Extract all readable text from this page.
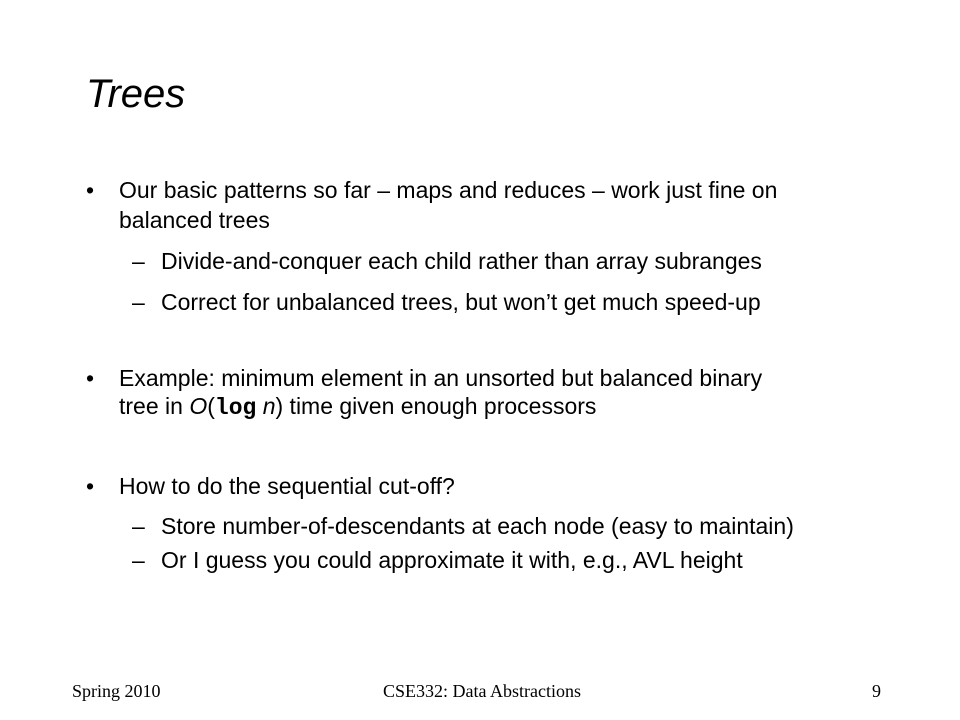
Trees
• Our basic patterns so far – maps and reduces – work just fine on
balanced trees
– Divide-and-conquer each child rather than array subranges
– Correct for unbalanced trees, but won’t get much speed-up
• Example: minimum element in an unsorted but balanced binary
tree in O(log n) time given enough processors
• How to do the sequential cut-off?
– Store number-of-descendants at each node (easy to maintain)
– Or I guess you could approximate it with, e.g., AVL height
Spring 2010	CSE332: Data Abstractions	9
